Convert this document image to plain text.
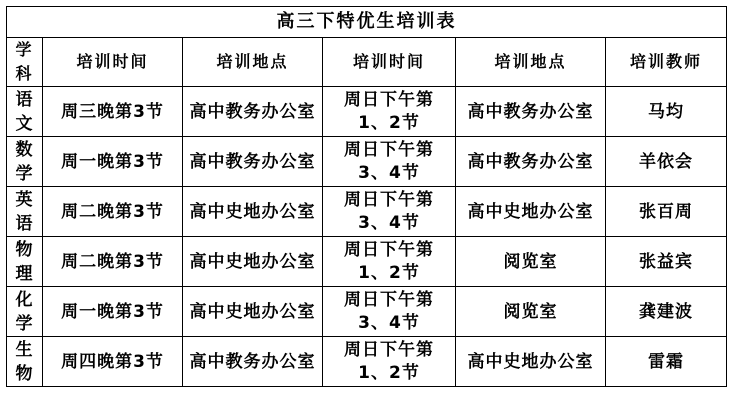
高三下特优生培训表					

学科	培训时间	培训地点	培训时间	培训地点	培训教师

语文	周三晚第3节	高中教务办公室	周日下午第1、2节	高中教务办公室	马均

数学	周一晚第3节	高中教务办公室	周日下午第3、4节	高中教务办公室	羊依会

英语	周二晚第3节	高中史地办公室	周日下午第3、4节	高中史地办公室	张百周

物理	周二晚第3节	高中史地办公室	周日下午第1、2节	阅览室	张益宾

化学	周一晚第3节	高中史地办公室	周日下午第3、4节	阅览室	龚建波

生物	周四晚第3节	高中教务办公室	周日下午第1、2节	高中史地办公室	雷霜
